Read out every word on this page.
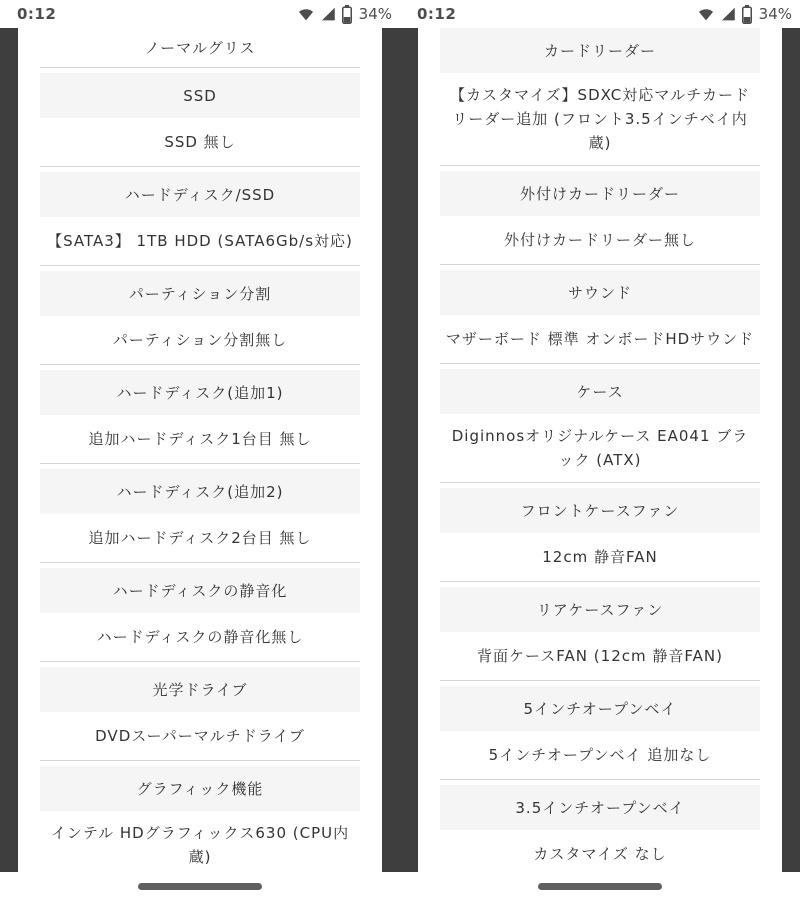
0:12	34%
ノーマルグリス
SSD
SSD 無し
ハードディスク/SSD
【SATA3】 1TB HDD (SATA6Gb/s対応)
パーティション分割
パーティション分割無し
ハードディスク(追加1)
追加ハードディスク1台目 無し
ハードディスク(追加2)
追加ハードディスク2台目 無し
ハードディスクの静音化
ハードディスクの静音化無し
光学ドライブ
DVDスーパーマルチドライブ
グラフィック機能
インテル HDグラフィックス630 (CPU内蔵)
0:12	34%
カードリーダー
【カスタマイズ】SDXC対応マルチカードリーダー追加 (フロント3.5インチベイ内蔵)
外付けカードリーダー
外付けカードリーダー無し
サウンド
マザーボード 標準 オンボードHDサウンド
ケース
Diginnosオリジナルケース EA041 ブラック (ATX)
フロントケースファン
12cm 静音FAN
リアケースファン
背面ケースFAN (12cm 静音FAN)
5インチオープンベイ
5インチオープンベイ 追加なし
3.5インチオープンベイ
カスタマイズ なし
